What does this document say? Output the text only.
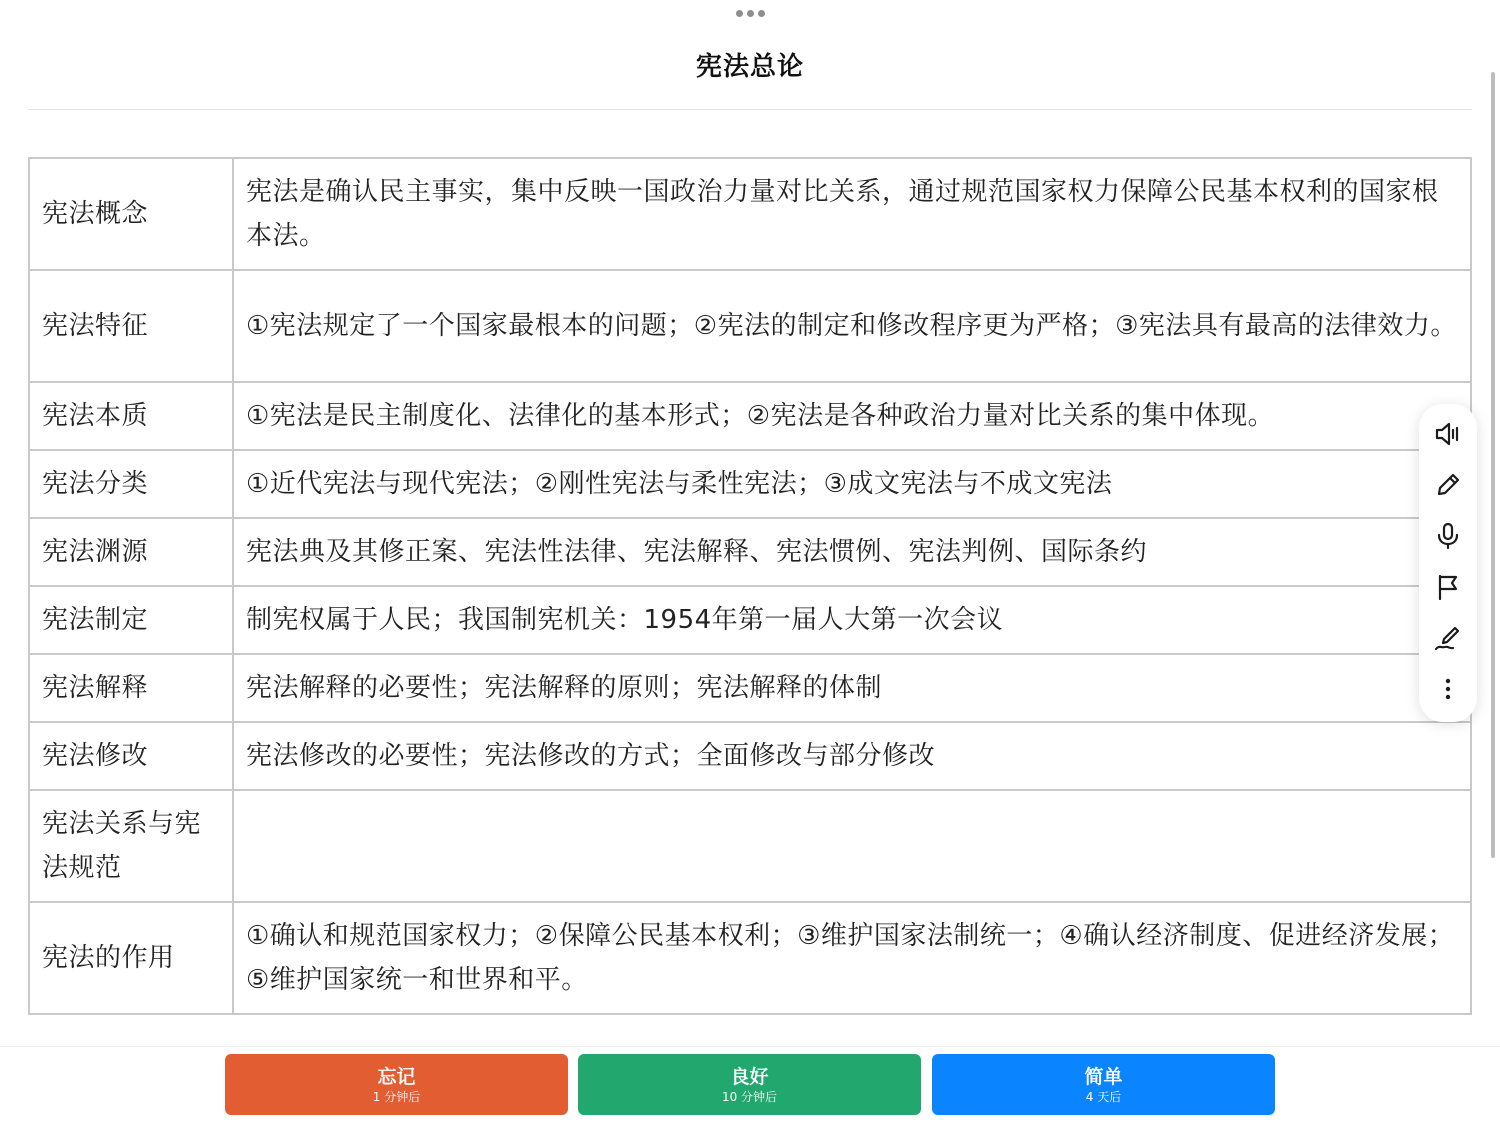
宪法总论
宪法概念	宪法是确认民主事实，集中反映一国政治力量对比关系，通过规范国家权力保障公民基本权利的国家根本法。
宪法特征	①宪法规定了一个国家最根本的问题；②宪法的制定和修改程序更为严格；③宪法具有最高的法律效力。
宪法本质	①宪法是民主制度化、法律化的基本形式；②宪法是各种政治力量对比关系的集中体现。
宪法分类	①近代宪法与现代宪法；②刚性宪法与柔性宪法；③成文宪法与不成文宪法
宪法渊源	宪法典及其修正案、宪法性法律、宪法解释、宪法惯例、宪法判例、国际条约
宪法制定	制宪权属于人民；我国制宪机关：1954年第一届人大第一次会议
宪法解释	宪法解释的必要性；宪法解释的原则；宪法解释的体制
宪法修改	宪法修改的必要性；宪法修改的方式；全面修改与部分修改
宪法关系与宪法规范	
宪法的作用	①确认和规范国家权力；②保障公民基本权利；③维护国家法制统一；④确认经济制度、促进经济发展；⑤维护国家统一和世界和平。
忘记
1 分钟后
良好
10 分钟后
简单
4 天后
